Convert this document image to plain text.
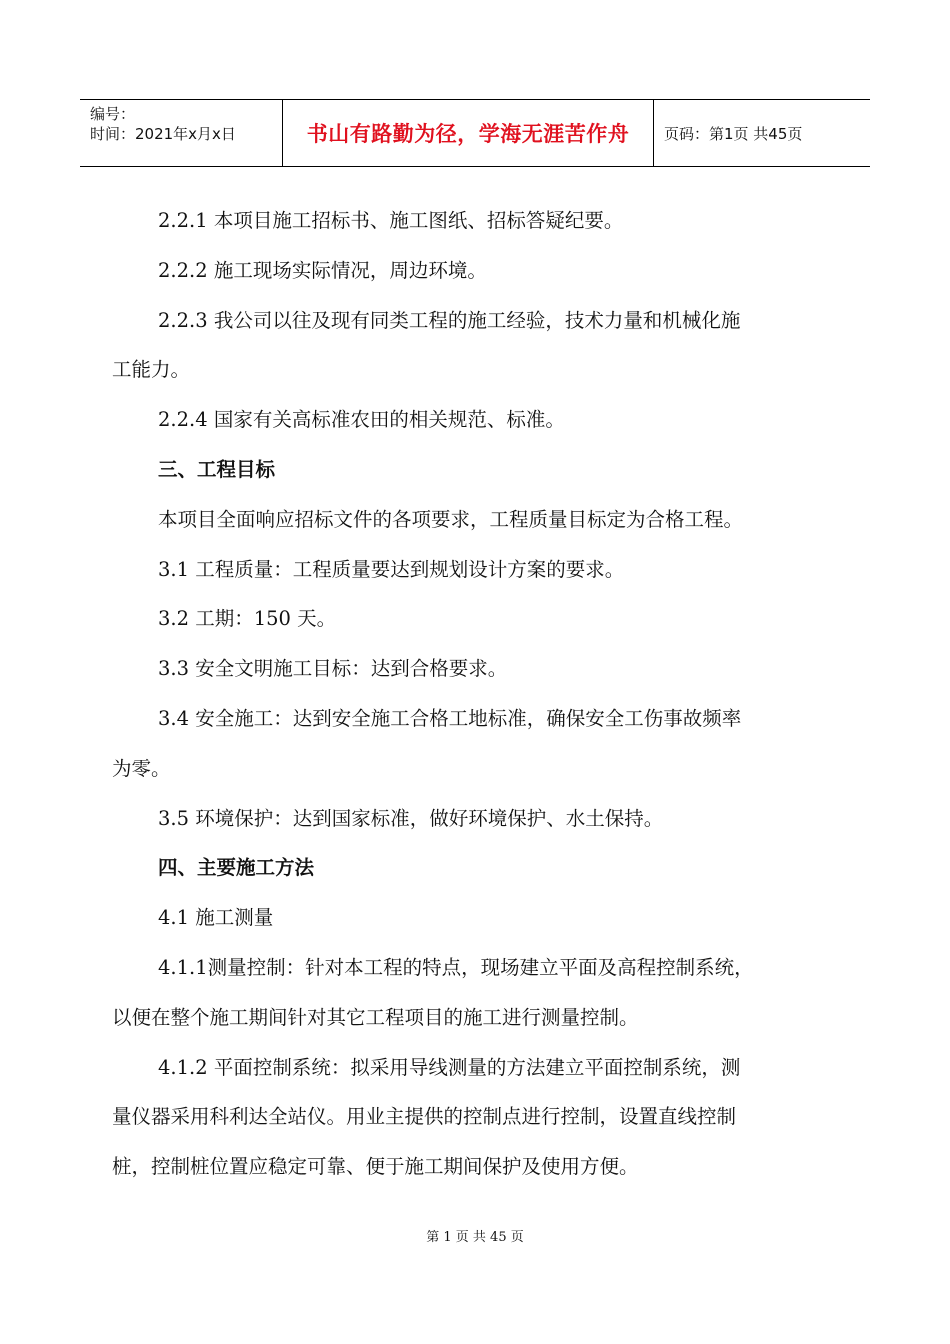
编号：
时间：2021年x月x日	书山有路勤为径，学海无涯苦作舟	页码：第1页 共45页

2.2.1 本项目施工招标书、施工图纸、招标答疑纪要。

2.2.2 施工现场实际情况，周边环境。

2.2.3 我公司以往及现有同类工程的施工经验，技术力量和机械化施

工能力。

2.2.4 国家有关高标准农田的相关规范、标准。

三、工程目标

本项目全面响应招标文件的各项要求，工程质量目标定为合格工程。

3.1 工程质量：工程质量要达到规划设计方案的要求。

3.2 工期：150 天。

3.3 安全文明施工目标：达到合格要求。

3.4 安全施工：达到安全施工合格工地标准，确保安全工伤事故频率

为零。

3.5 环境保护：达到国家标准，做好环境保护、水土保持。

四、主要施工方法

4.1 施工测量

4.1.1测量控制：针对本工程的特点，现场建立平面及高程控制系统，

以便在整个施工期间针对其它工程项目的施工进行测量控制。

4.1.2 平面控制系统：拟采用导线测量的方法建立平面控制系统，测

量仪器采用科利达全站仪。用业主提供的控制点进行控制，设置直线控制

桩，控制桩位置应稳定可靠、便于施工期间保护及使用方便。

第 1 页 共 45 页
